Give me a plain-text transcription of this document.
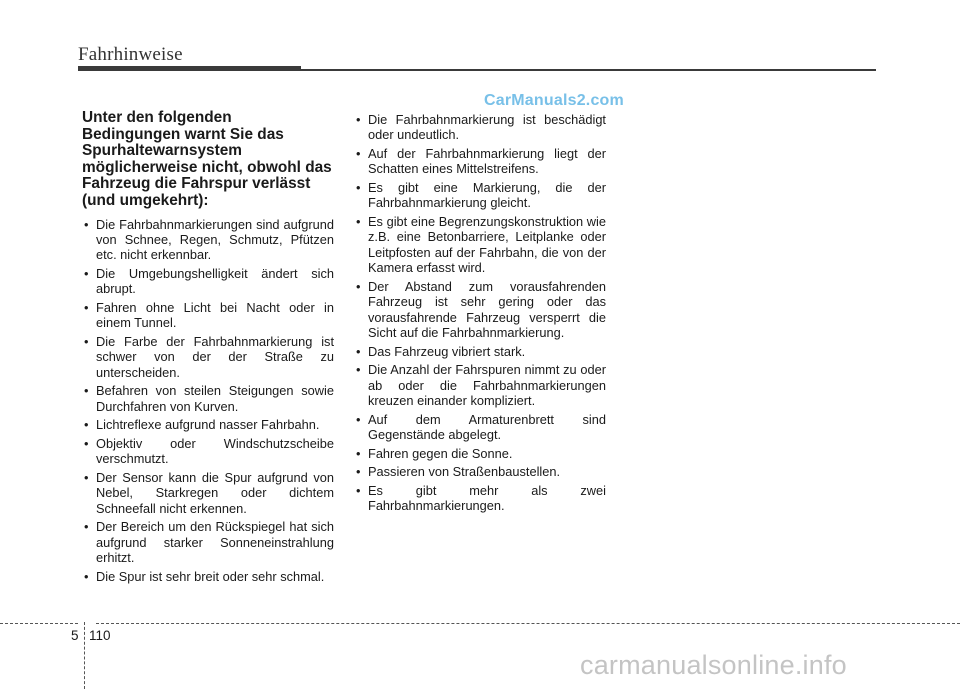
Fahrhinweise
CarManuals2.com
Unter den folgenden Bedingungen warnt Sie das Spurhaltewarnsystem möglicherweise nicht, obwohl das Fahrzeug die Fahrspur verlässt (und umgekehrt):
• Die Fahrbahnmarkierungen sind aufgrund von Schnee, Regen, Schmutz, Pfützen etc. nicht erkennbar.
• Die Umgebungshelligkeit ändert sich abrupt.
• Fahren ohne Licht bei Nacht oder in einem Tunnel.
• Die Farbe der Fahrbahnmarkierung ist schwer von der der Straße zu unterscheiden.
• Befahren von steilen Steigungen sowie Durchfahren von Kurven.
• Lichtreflexe aufgrund nasser Fahrbahn.
• Objektiv oder Windschutzscheibe verschmutzt.
• Der Sensor kann die Spur aufgrund von Nebel, Starkregen oder dichtem Schneefall nicht erkennen.
• Der Bereich um den Rückspiegel hat sich aufgrund starker Sonneneinstrahlung erhitzt.
• Die Spur ist sehr breit oder sehr schmal.
• Die Fahrbahnmarkierung ist beschädigt oder undeutlich.
• Auf der Fahrbahnmarkierung liegt der Schatten eines Mittelstreifens.
• Es gibt eine Markierung, die der Fahrbahnmarkierung gleicht.
• Es gibt eine Begrenzungskonstruktion wie z.B. eine Betonbarriere, Leitplanke oder Leitpfosten auf der Fahrbahn, die von der Kamera erfasst wird.
• Der Abstand zum vorausfahrenden Fahrzeug ist sehr gering oder das vorausfahrende Fahrzeug versperrt die Sicht auf die Fahrbahnmarkierung.
• Das Fahrzeug vibriert stark.
• Die Anzahl der Fahrspuren nimmt zu oder ab oder die Fahrbahnmarkierungen kreuzen einander kompliziert.
• Auf dem Armaturenbrett sind Gegenstände abgelegt.
• Fahren gegen die Sonne.
• Passieren von Straßenbaustellen.
• Es gibt mehr als zwei Fahrbahnmarkierungen.
5 110
carmanualsonline.info
